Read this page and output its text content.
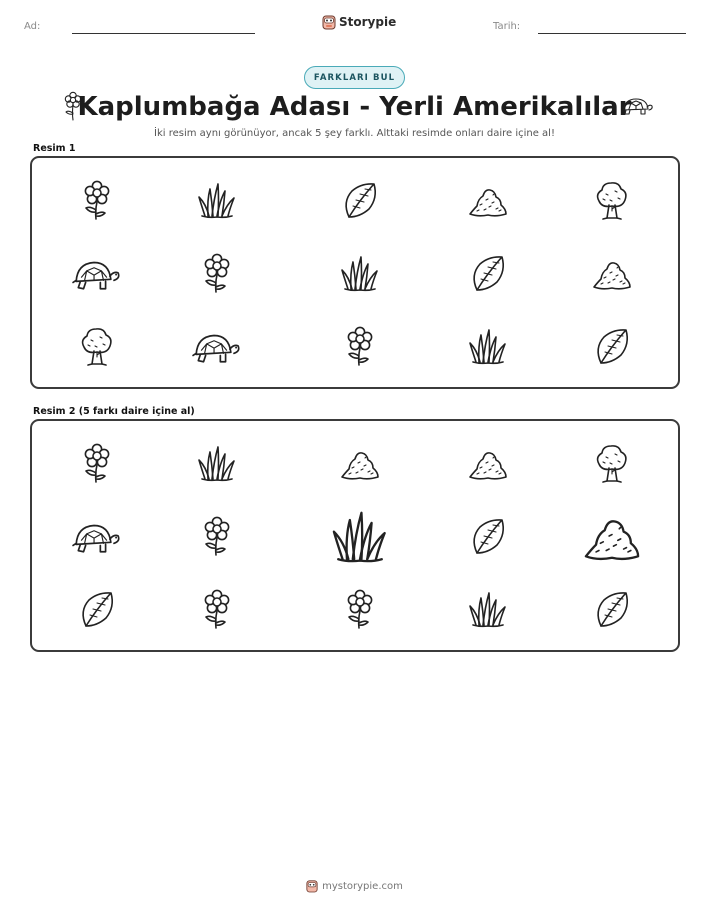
Ad:	Storypie	Tarih:
FARKLARI BUL
Kaplumbağa Adası - Yerli Amerikalılar
İki resim aynı görünüyor, ancak 5 şey farklı. Alttaki resimde onları daire içine al!
Resim 1
Resim 2 (5 farkı daire içine al)
mystorypie.com
